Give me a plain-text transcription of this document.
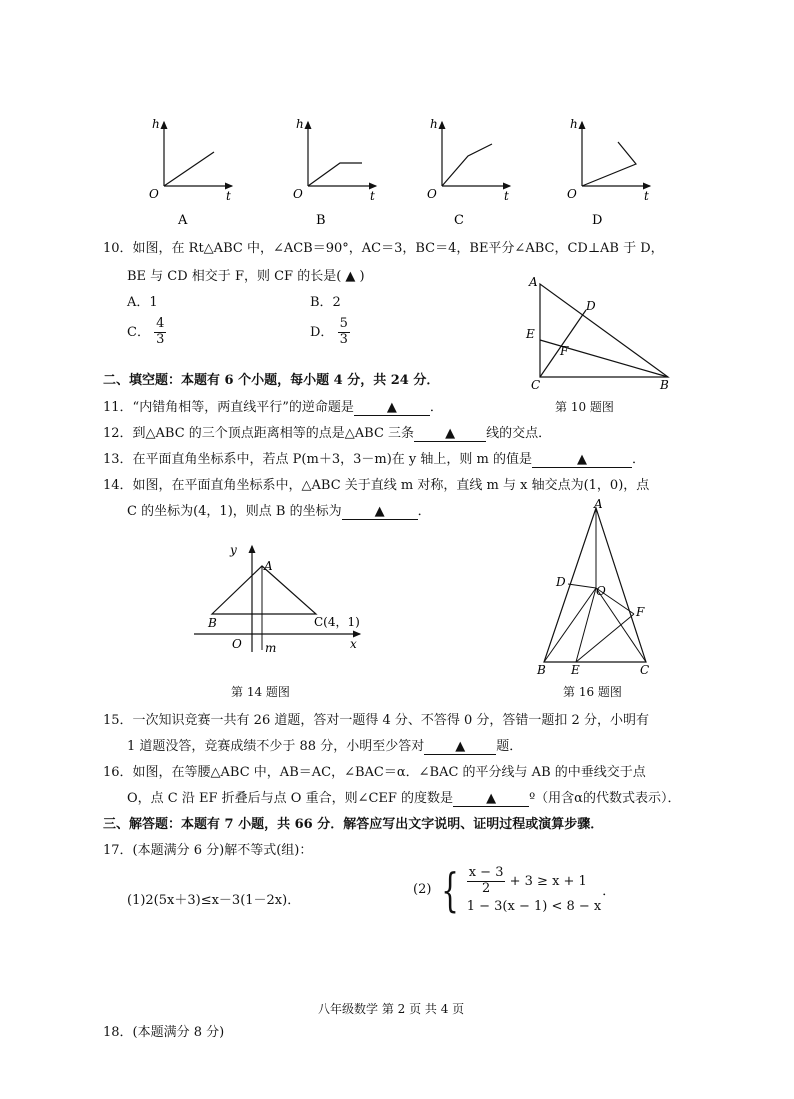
h
O	t
A
h
O	t
B
h
O	t
C
h
O	t
D
10．如图，在 Rt△ABC 中，∠ACB＝90°，AC＝3，BC＝4，BE平分∠ABC，CD⊥AB 于 D，
BE 与 CD 相交于 F，则 CF 的长是( ▲ )
A．1	B．2
C． $\frac{4}{3}$	D． $\frac{5}{3}$
A
D
E
F
C	B
第 10 题图
二、填空题：本题有 6 个小题，每小题 4 分，共 24 分．
11．“内错角相等，两直线平行”的逆命题是	▲	．
12．到△ABC 的三个顶点距离相等的点是△ABC 三条 ▲ 线的交点．
13．在平面直角坐标系中，若点 P(m＋3，3－m)在 y 轴上，则 m 的值是	▲	．
14．如图，在平面直角坐标系中，△ABC 关于直线 m 对称，直线 m 与 x 轴交点为(1，0)，点
C 的坐标为(4，1)，则点 B 的坐标为	▲	．
y
A
B	C(4，1)
O m	x
第 14 题图
A
D
O
F
B E	C
第 16 题图
15．一次知识竞赛一共有 26 道题，答对一题得 4 分、不答得 0 分，答错一题扣 2 分，小明有
1 道题没答，竞赛成绩不少于 88 分，小明至少答对 ▲ 题．
16．如图，在等腰△ABC 中，AB＝AC，∠BAC＝α．∠BAC 的平分线与 AB 的中垂线交于点
O，点 C 沿 EF 折叠后与点 O 重合，则∠CEF 的度数是	▲	º（用含α的代数式表示）．
三、解答题：本题有 7 小题，共 66 分．解答应写出文字说明、证明过程或演算步骤．
17．(本题满分 6 分)解不等式(组)：
(1)2(5x＋3)≤x－3(1－2x)．
(2)	{	$\frac{x - 3}{2} + 3 \ge x + 1$	．
1 − 3(x − 1) < 8 − x
八年级数学 第 2 页 共 4 页
18．(本题满分 8 分)
